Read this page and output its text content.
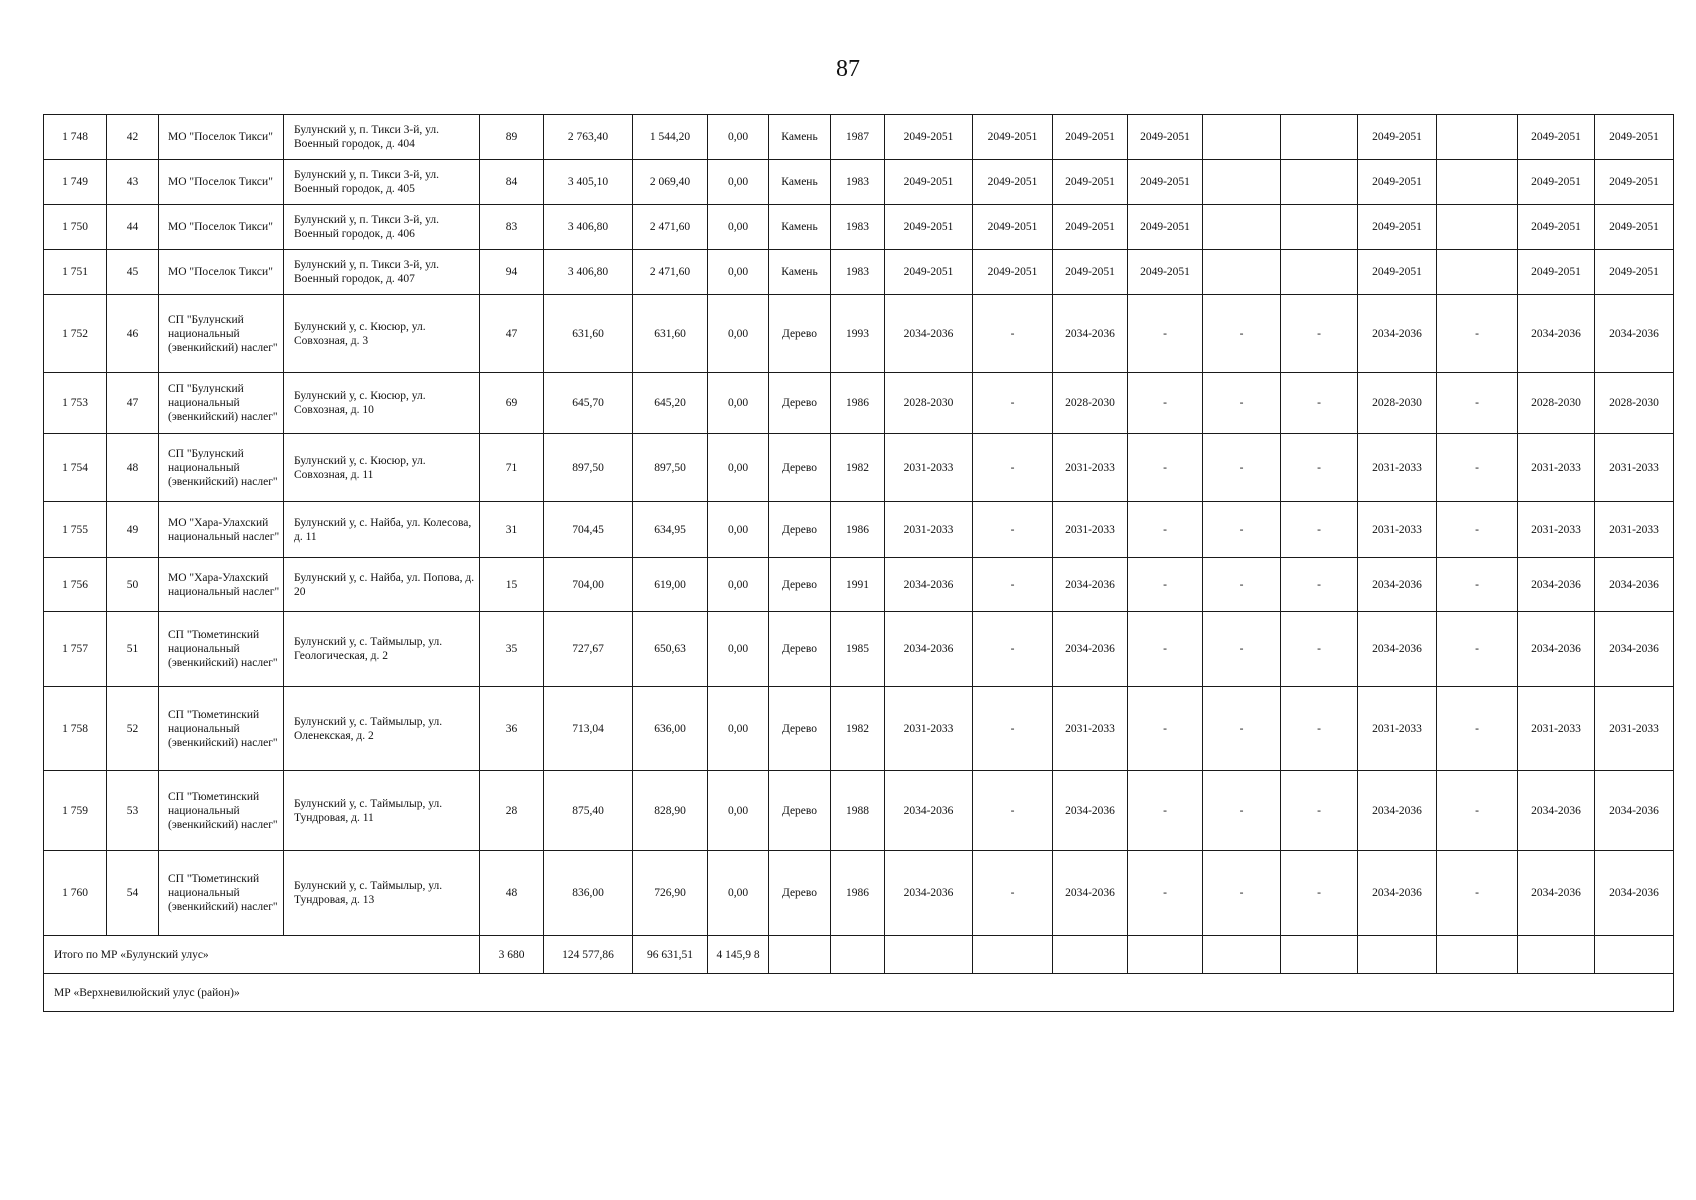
87
1 748	42	МО "Поселок Тикси"	Булунский у, п. Тикси 3-й, ул. Военный городок, д. 404	89	2 763,40	1 544,20	0,00	Камень	1987	2049-2051	2049-2051	2049-2051	2049-2051			2049-2051		2049-2051	2049-2051
1 749	43	МО "Поселок Тикси"	Булунский у, п. Тикси 3-й, ул. Военный городок, д. 405	84	3 405,10	2 069,40	0,00	Камень	1983	2049-2051	2049-2051	2049-2051	2049-2051			2049-2051		2049-2051	2049-2051
1 750	44	МО "Поселок Тикси"	Булунский у, п. Тикси 3-й, ул. Военный городок, д. 406	83	3 406,80	2 471,60	0,00	Камень	1983	2049-2051	2049-2051	2049-2051	2049-2051			2049-2051		2049-2051	2049-2051
1 751	45	МО "Поселок Тикси"	Булунский у, п. Тикси 3-й, ул. Военный городок, д. 407	94	3 406,80	2 471,60	0,00	Камень	1983	2049-2051	2049-2051	2049-2051	2049-2051			2049-2051		2049-2051	2049-2051
1 752	46	СП "Булунский национальный (эвенкийский) наслег"	Булунский у, с. Кюсюр, ул. Совхозная, д. 3	47	631,60	631,60	0,00	Дерево	1993	2034-2036	-	2034-2036	-	-	-	2034-2036	-	2034-2036	2034-2036
1 753	47	СП "Булунский национальный (эвенкийский) наслег"	Булунский у, с. Кюсюр, ул. Совхозная, д. 10	69	645,70	645,20	0,00	Дерево	1986	2028-2030	-	2028-2030	-	-	-	2028-2030	-	2028-2030	2028-2030
1 754	48	СП "Булунский национальный (эвенкийский) наслег"	Булунский у, с. Кюсюр, ул. Совхозная, д. 11	71	897,50	897,50	0,00	Дерево	1982	2031-2033	-	2031-2033	-	-	-	2031-2033	-	2031-2033	2031-2033
1 755	49	МО "Хара-Улахский национальный наслег"	Булунский у, с. Найба, ул. Колесова, д. 11	31	704,45	634,95	0,00	Дерево	1986	2031-2033	-	2031-2033	-	-	-	2031-2033	-	2031-2033	2031-2033
1 756	50	МО "Хара-Улахский национальный наслег"	Булунский у, с. Найба, ул. Попова, д. 20	15	704,00	619,00	0,00	Дерево	1991	2034-2036	-	2034-2036	-	-	-	2034-2036	-	2034-2036	2034-2036
1 757	51	СП "Тюметинский национальный (эвенкийский) наслег"	Булунский у, с. Таймылыр, ул. Геологическая, д. 2	35	727,67	650,63	0,00	Дерево	1985	2034-2036	-	2034-2036	-	-	-	2034-2036	-	2034-2036	2034-2036
1 758	52	СП "Тюметинский национальный (эвенкийский) наслег"	Булунский у, с. Таймылыр, ул. Оленекская, д. 2	36	713,04	636,00	0,00	Дерево	1982	2031-2033	-	2031-2033	-	-	-	2031-2033	-	2031-2033	2031-2033
1 759	53	СП "Тюметинский национальный (эвенкийский) наслег"	Булунский у, с. Таймылыр, ул. Тундровая, д. 11	28	875,40	828,90	0,00	Дерево	1988	2034-2036	-	2034-2036	-	-	-	2034-2036	-	2034-2036	2034-2036
1 760	54	СП "Тюметинский национальный (эвенкийский) наслег"	Булунский у, с. Таймылыр, ул. Тундровая, д. 13	48	836,00	726,90	0,00	Дерево	1986	2034-2036	-	2034-2036	-	-	-	2034-2036	-	2034-2036	2034-2036
Итого по МР «Булунский улус»				3 680	124 577,86	96 631,51	4 145,9 8												
МР «Верхневилюйский улус (район)»																			
